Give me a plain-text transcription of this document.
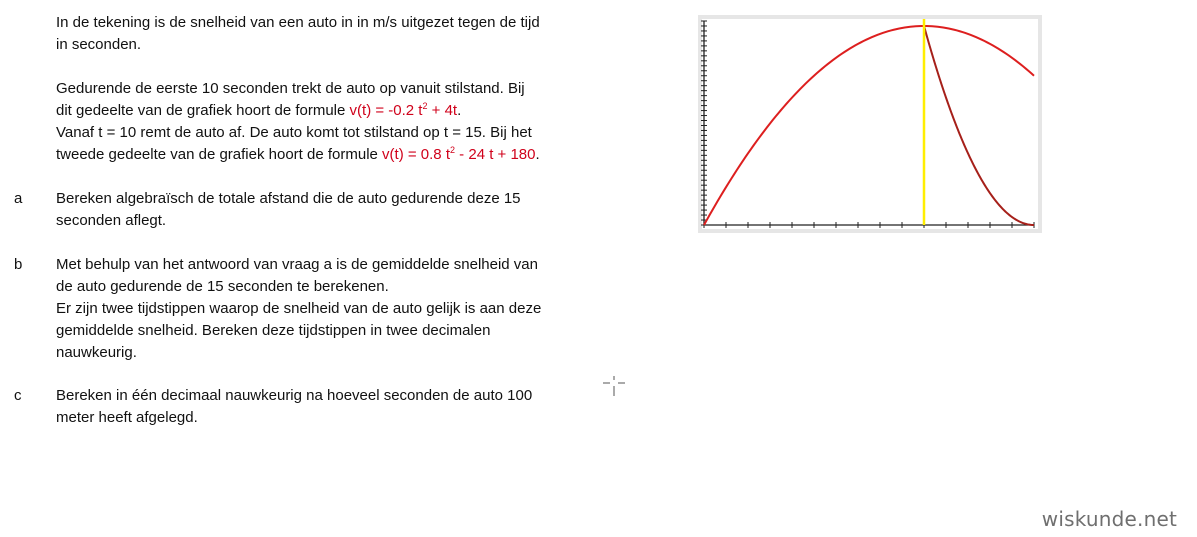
In de tekening is de snelheid van een auto in in m/s uitgezet tegen de tijd

in seconden.

Gedurende de eerste 10 seconden trekt de auto op vanuit stilstand. Bij

dit gedeelte van de grafiek hoort de formule v(t) = -0.2 $t^2 + 4t$.

Vanaf t = 10 remt de auto af. De auto komt tot stilstand op t = 15. Bij het

tweede gedeelte van de grafiek hoort de formule v(t) = 0.8 $t^2 - 24$ t + 180.

a	Bereken algebraïsch de totale afstand die de auto gedurende deze 15

seconden aflegt.

b	Met behulp van het antwoord van vraag a is de gemiddelde snelheid van

de auto gedurende de 15 seconden te berekenen.

Er zijn twee tijdstippen waarop de snelheid van de auto gelijk is aan deze

gemiddelde snelheid. Bereken deze tijdstippen in twee decimalen

nauwkeurig.

c	Bereken in één decimaal nauwkeurig na hoeveel seconden de auto 100

meter heeft afgelegd.

wiskunde.net
